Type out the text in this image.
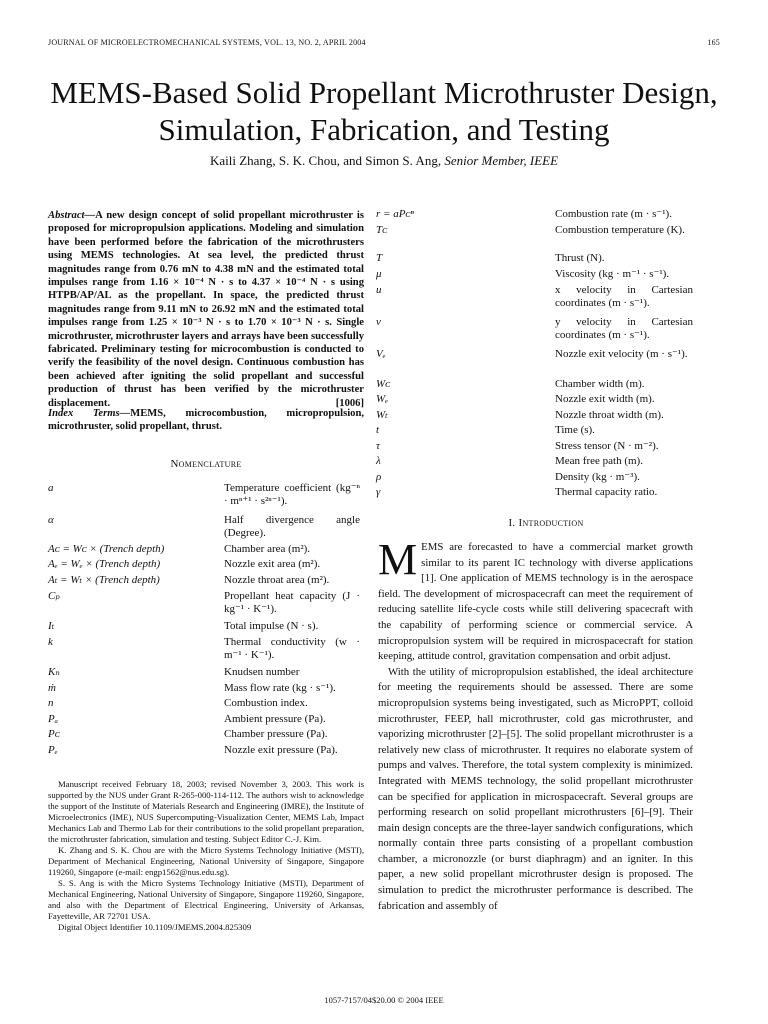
JOURNAL OF MICROELECTROMECHANICAL SYSTEMS, VOL. 13, NO. 2, APRIL 2004	165
MEMS-Based Solid Propellant Microthruster Design,
Simulation, Fabrication, and Testing
Kaili Zhang, S. K. Chou, and Simon S. Ang, Senior Member, IEEE
Abstract—A new design concept of solid propellant microthruster is proposed for micropropulsion applications. Modeling and simulation have been performed before the fabrication of the microthrusters using MEMS technologies. At sea level, the predicted thrust magnitudes range from 0.76 mN to 4.38 mN and the estimated total impulses range from 1.16 × 10⁻⁴ N · s to 4.37 × 10⁻⁴ N · s using HTPB/AP/AL as the propellant. In space, the predicted thrust magnitudes range from 9.11 mN to 26.92 mN and the estimated total impulses range from 1.25 × 10⁻³ N · s to 1.70 × 10⁻³ N · s. Single microthruster, microthruster layers and arrays have been successfully fabricated. Preliminary testing for microcombustion is conducted to verify the feasibility of the novel design. Continuous combustion has been achieved after igniting the solid propellant and successful production of thrust has been verified by the microthruster displacement.	[1006]
Index Terms—MEMS, microcombustion, micropropulsion, microthruster, solid propellant, thrust.
Nomenclature
a	Temperature coefficient (kg⁻ⁿ · mⁿ⁺¹ · s²ⁿ⁻¹).
α	Half divergence angle (Degree).
Aᴄ = Wᴄ × (Trench depth)	Chamber area (m²).
Aₑ = Wₑ × (Trench depth)	Nozzle exit area (m²).
Aₜ = Wₜ × (Trench depth)	Nozzle throat area (m²).
Cₚ	Propellant heat capacity (J · kg⁻¹ · K⁻¹).
Iₜ	Total impulse (N · s).
k	Thermal conductivity (w · m⁻¹ · K⁻¹).
Kₙ	Knudsen number
ṁ	Mass flow rate (kg · s⁻¹).
n	Combustion index.
Pₐ	Ambient pressure (Pa).
Pᴄ	Chamber pressure (Pa).
Pₑ	Nozzle exit pressure (Pa).
r = aPᴄⁿ	Combustion rate (m · s⁻¹).
Tᴄ	Combustion temperature (K).
T	Thrust (N).
μ	Viscosity (kg · m⁻¹ · s⁻¹).
u	x velocity in Cartesian coordinates (m · s⁻¹).
v	y velocity in Cartesian coordinates (m · s⁻¹).
Vₑ	Nozzle exit velocity (m · s⁻¹).
Wᴄ	Chamber width (m).
Wₑ	Nozzle exit width (m).
Wₜ	Nozzle throat width (m).
t	Time (s).
τ	Stress tensor (N · m⁻²).
λ	Mean free path (m).
ρ	Density (kg · m⁻³).
γ	Thermal capacity ratio.
I. Introduction

MEMS are forecasted to have a commercial market growth similar to its parent IC technology with diverse applications [1]. One application of MEMS technology is in the aerospace field. The development of microspacecraft can meet the requirement of reducing satellite life-cycle costs while still delivering spacecraft with the capability of performing science or commercial service. A micropropulsion system will be required in microspacecraft for station keeping, attitude control, gravitation compensation and orbit adjust.

With the utility of micropropulsion established, the ideal architecture for meeting the requirements should be assessed. There are some micropropulsion systems being investigated, such as MicroPPT, colloid microthruster, FEEP, hall microthruster, cold gas microthruster, and vaporizing microthruster [2]–[5]. The solid propellant microthruster is a relatively new class of microthruster. It requires no elaborate system of pumps and valves. Therefore, the total system complexity is minimized. Integrated with MEMS technology, the solid propellant microthruster can be specified for application in microspacecraft. Several groups are performing research on solid propellant microthrusters [6]–[9]. Their main design concepts are the three-layer sandwich configurations, which normally contain three parts consisting of a propellant combustion chamber, a micronozzle (or burst diaphragm) and an igniter. In this paper, a new solid propellant microthruster design is proposed. The simulation to predict the microthruster performance is described. The fabrication and assembly of

Manuscript received February 18, 2003; revised November 3, 2003. This work is supported by the NUS under Grant R-265-000-114-112. The authors wish to acknowledge the support of the Institute of Materials Research and Engineering (IMRE), the Institute of Microelectronics (IME), NUS Supercomputing-Visualization Center, MEMS Lab, Impact Mechanics Lab and Thermo Lab for their contributions to the solid propellant preparation, the microthruster fabrication, simulation and testing. Subject Editor C.-J. Kim.

K. Zhang and S. K. Chou are with the Micro Systems Technology Initiative (MSTI), Department of Mechanical Engineering, National University of Singapore, Singapore 119260, Singapore (e-mail: engp1562@nus.edu.sg).

S. S. Ang is with the Micro Systems Technology Initiative (MSTI), Department of Mechanical Engineering, National University of Singapore, Singapore 119260, Singapore, and also with the Department of Electrical Engineering, University of Arkansas, Fayetteville, AR 72701 USA.

Digital Object Identifier 10.1109/JMEMS.2004.825309

1057-7157/04$20.00 © 2004 IEEE
